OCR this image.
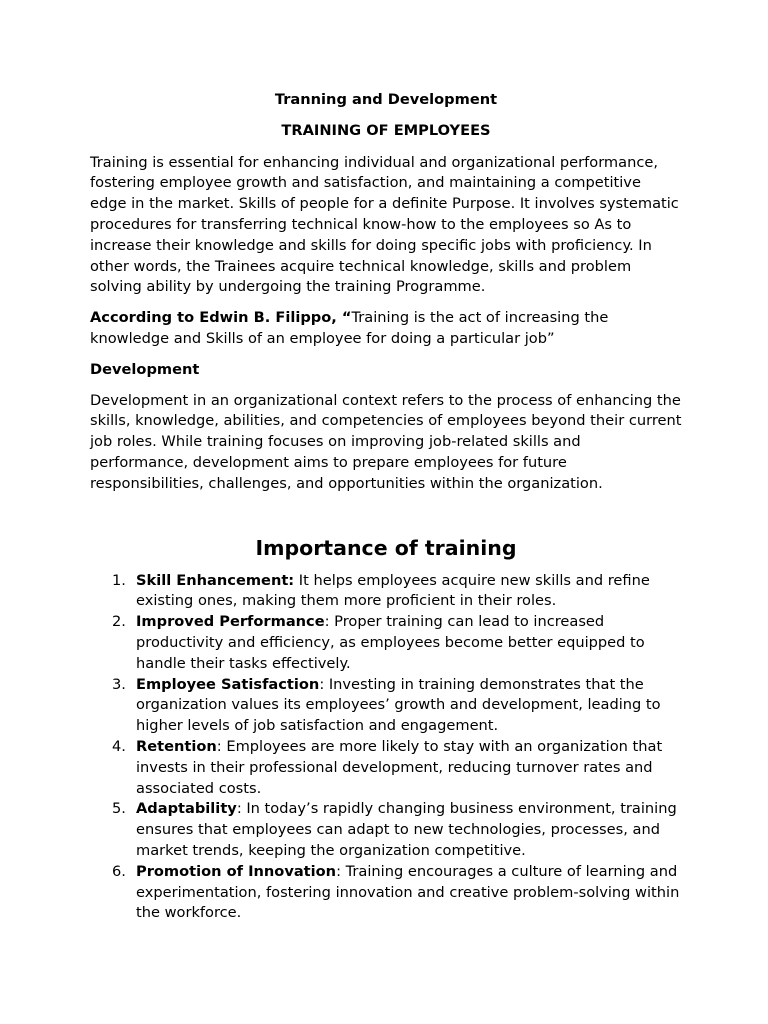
Tranning and Development
TRAINING OF EMPLOYEES

Training is essential for enhancing individual and organizational performance, fostering employee growth and satisfaction, and maintaining a competitive edge in the market. Skills of people for a definite Purpose. It involves systematic procedures for transferring technical know-how to the employees so As to increase their knowledge and skills for doing specific jobs with proficiency. In other words, the Trainees acquire technical knowledge, skills and problem solving ability by undergoing the training Programme.

According to Edwin B. Filippo, “Training is the act of increasing the knowledge and Skills of an employee for doing a particular job”

Development

Development in an organizational context refers to the process of enhancing the skills, knowledge, abilities, and competencies of employees beyond their current job roles. While training focuses on improving job-related skills and performance, development aims to prepare employees for future responsibilities, challenges, and opportunities within the organization.

Importance of training
1. Skill Enhancement: It helps employees acquire new skills and refine existing ones, making them more proficient in their roles.
2. Improved Performance: Proper training can lead to increased productivity and efficiency, as employees become better equipped to handle their tasks effectively.
3. Employee Satisfaction: Investing in training demonstrates that the organization values its employees’ growth and development, leading to higher levels of job satisfaction and engagement.
4. Retention: Employees are more likely to stay with an organization that invests in their professional development, reducing turnover rates and associated costs.
5. Adaptability: In today’s rapidly changing business environment, training ensures that employees can adapt to new technologies, processes, and market trends, keeping the organization competitive.
6. Promotion of Innovation: Training encourages a culture of learning and experimentation, fostering innovation and creative problem-solving within the workforce.
